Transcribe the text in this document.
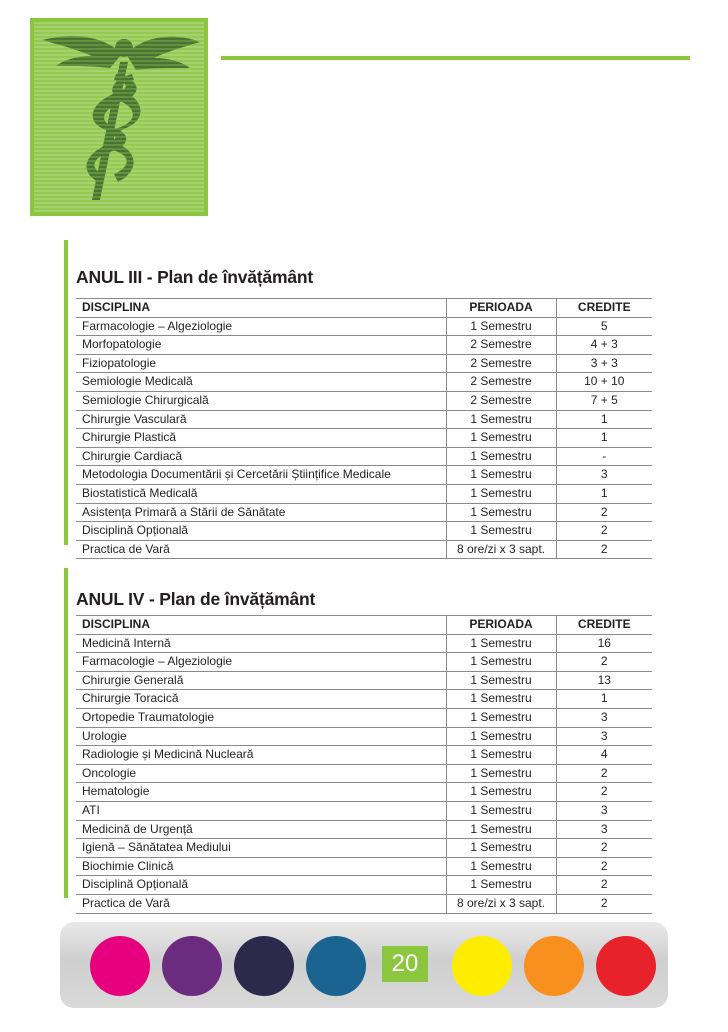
ANUL III - Plan de învățământ
DISCIPLINA	PERIOADA	CREDITE
Farmacologie – Algeziologie	1 Semestru	5
Morfopatologie	2 Semestre	4 + 3
Fiziopatologie	2 Semestre	3 + 3
Semiologie Medicală	2 Semestre	10 + 10
Semiologie Chirurgicală	2 Semestre	7 + 5
Chirurgie Vasculară	1 Semestru	1
Chirurgie Plastică	1 Semestru	1
Chirurgie Cardiacă	1 Semestru	-
Metodologia Documentării și Cercetării Științifice Medicale	1 Semestru	3
Biostatistică Medicală	1 Semestru	1
Asistența Primară a Stării de Sănătate	1 Semestru	2
Disciplină Opțională	1 Semestru	2
Practica de Vară	8 ore/zi x 3 sapt.	2
ANUL IV - Plan de învățământ
DISCIPLINA	PERIOADA	CREDITE
Medicină Internă	1 Semestru	16
Farmacologie – Algeziologie	1 Semestru	2
Chirurgie Generală	1 Semestru	13
Chirurgie Toracică	1 Semestru	1
Ortopedie Traumatologie	1 Semestru	3
Urologie	1 Semestru	3
Radiologie și Medicină Nucleară	1 Semestru	4
Oncologie	1 Semestru	2
Hematologie	1 Semestru	2
ATI	1 Semestru	3
Medicină de Urgență	1 Semestru	3
Igienă – Sănătatea Mediului	1 Semestru	2
Biochimie Clinică	1 Semestru	2
Disciplină Opțională	1 Semestru	2
Practica de Vară	8 ore/zi x 3 sapt.	2
20
